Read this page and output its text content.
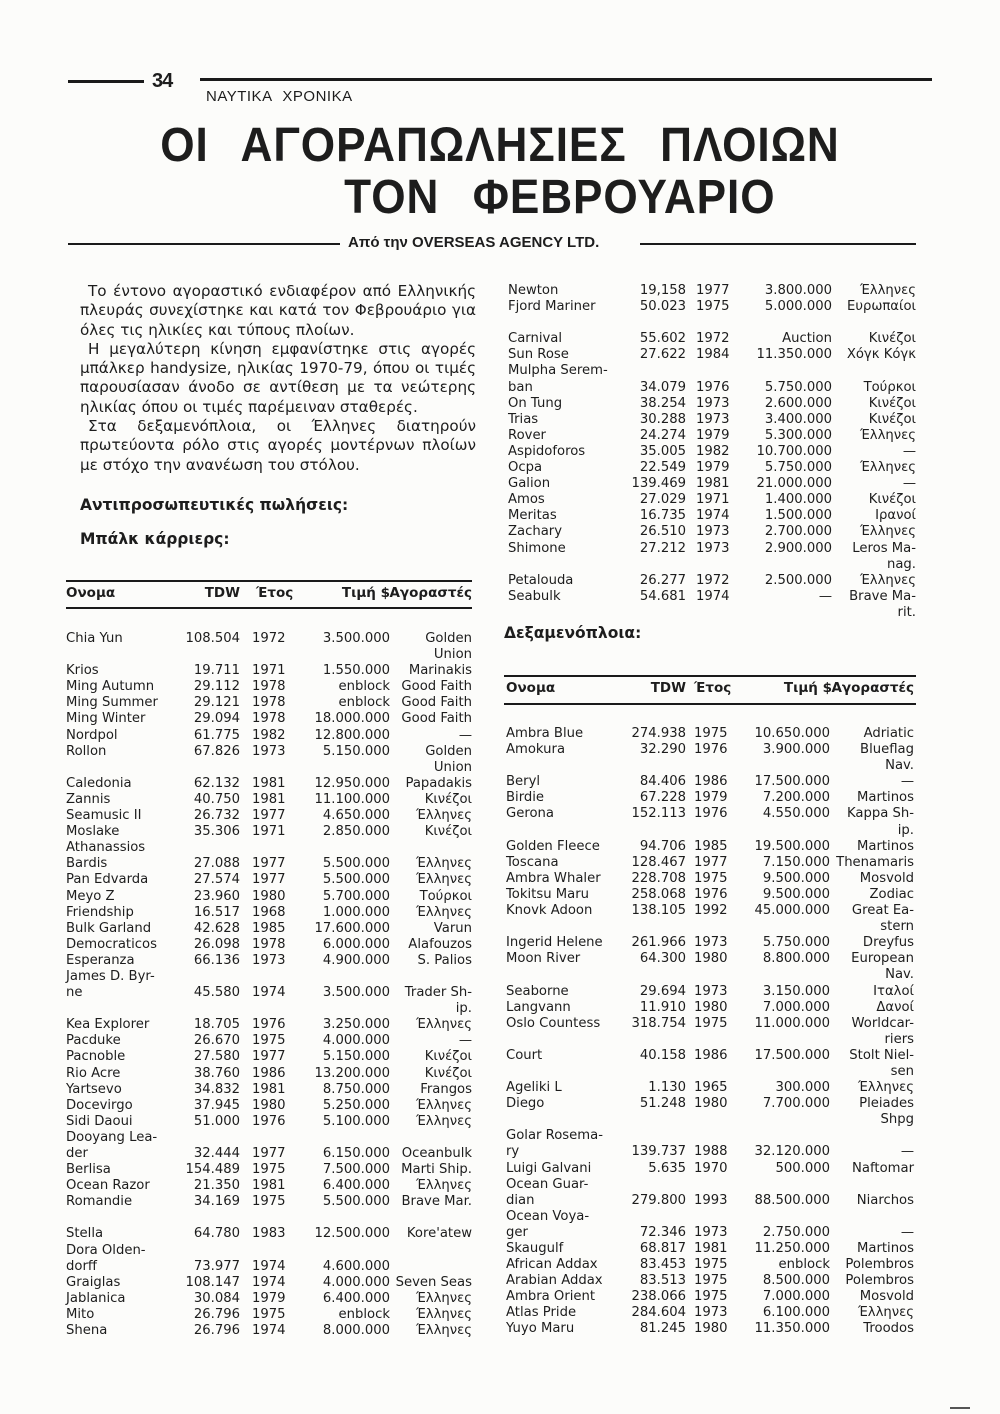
34
ΝΑΥΤΙΚΑ ΧΡΟΝΙΚΑ
ΟΙ ΑΓΟΡΑΠΩΛΗΣΙΕΣ ΠΛΟΙΩΝ
ΤΟΝ ΦΕΒΡΟΥΑΡΙΟ
Από την OVERSEAS AGENCY LTD.

Το έντονο αγοραστικό ενδιαφέρον από Ελληνικής πλευράς συνεχίστηκε και κατά τον Φεβρουάριο για όλες τις ηλικίες και τύπους πλοίων.

Η μεγαλύτερη κίνηση εμφανίστηκε στις αγορές μπάλκερ handysize, ηλικίας 1970-79, όπου οι τιμές παρουσίασαν άνοδο σε αντίθεση με τα νεώτερης ηλικίας όπου οι τιμές παρέμειναν σταθερές.

Στα δεξαμενόπλοια, οι Έλληνες διατηρούν πρωτεύοντα ρόλο στις αγορές μοντέρνων πλοίων με στόχο την ανανέωση του στόλου.

Αντιπροσωπευτικές πωλήσεις:
Μπάλκ κάρριερς:
Ονομα	TDW Έτος	Τιμή $ Αγοραστές
Chia Yun	108.504 1972	3.500.000	Golden
Union
Krios	19.711 1971	1.550.000 Marinakis
Ming Autumn	29.112 1978	enblock Good Faith
Ming Summer	29.121 1978	enblock Good Faith
Ming Winter	29.094 1978 18.000.000 Good Faith
Nordpol	61.775 1982 12.800.000	—
Rollon	67.826 1973	5.150.000	Golden
Union
Caledonia	62.132 1981 12.950.000 Papadakis
Zannis	40.750 1981 11.100.000	Κινέζοι
Seamusic II	26.732 1977	4.650.000 Έλληνες
Moslake	35.306 1971	2.850.000	Κινέζοι
Athanassios
Bardis	27.088 1977	5.500.000 Έλληνες
Pan Edvarda	27.574 1977	5.500.000 Έλληνες
Meyo Z	23.960 1980	5.700.000 Τούρκοι
Friendship	16.517 1968	1.000.000 Έλληνες
Bulk Garland	42.628 1985 17.600.000	Varun
Democraticos	26.098 1978	6.000.000 Alafouzos
Esperanza	66.136 1973	4.900.000 S. Palios
James D. Byr-
ne	45.580 1974	3.500.000 Trader Sh-
ip.
Kea Explorer	18.705 1976	3.250.000 Έλληνες
Pacduke	26.670 1975	4.000.000	—
Pacnoble	27.580 1977	5.150.000	Κινέζοι
Rio Acre	38.760 1986 13.200.000	Κινέζοι
Yartsevo	34.832 1981	8.750.000 Frangos
Docevirgo	37.945 1980	5.250.000 Έλληνες
Sidi Daoui	51.000 1976	5.100.000 Έλληνες
Dooyang Lea-
der	32.444 1977	6.150.000 Oceanbulk
Berlisa	154.489 1975	7.500.000 Marti Ship.
Ocean Razor	21.350 1981	6.400.000 Έλληνες
Romandie	34.169 1975	5.500.000 Brave Mar.
Stella	64.780 1983 12.500.000 Kore'atew
Dora Olden-
dorff	73.977 1974	4.600.000
Graiglas	108.147 1974	4.000.000 Seven Seas
Jablanica	30.084 1979	6.400.000 Έλληνες
Mito	26.796 1975	enblock Έλληνες
Shena	26.796 1974	8.000.000 Έλληνες
Newton	19,158 1977	3.800.000 Έλληνες
Fjord Mariner	50.023 1975	5.000.000 Ευρωπαίοι
Carnival	55.602 1972	Auction	Κινέζοι
Sun Rose	27.622 1984 11.350.000 Χόγκ Κόγκ
Mulpha Serem-
ban	34.079 1976	5.750.000 Τούρκοι
On Tung	38.254 1973	2.600.000	Κινέζοι
Trias	30.288 1973	3.400.000	Κινέζοι
Rover	24.274 1979	5.300.000 Έλληνες
Aspidoforos	35.005 1982 10.700.000	—
Ocpa	22.549 1979	5.750.000 Έλληνες
Galion	139.469 1981 21.000.000	—
Amos	27.029 1971	1.400.000	Κινέζοι
Meritas	16.735 1974	1.500.000	Ιρανοί
Zachary	26.510 1973	2.700.000 Έλληνες
Shimone	27.212 1973	2.900.000 Leros Ma-
nag.
Petalouda	26.277 1972	2.500.000 Έλληνες
Seabulk	54.681 1974	— Brave Ma-
rit.
Δεξαμενόπλοια:
Ονομα	TDW Έτος	Τιμή $ Αγοραστές
Ambra Blue	274.938 1975 10.650.000	Adriatic
Amokura	32.290 1976	3.900.000 Blueflag
Nav.
Beryl	84.406 1986 17.500.000	—
Birdie	67.228 1979	7.200.000 Martinos
Gerona	152.113 1976	4.550.000 Kappa Sh-
ip.
Golden Fleece	94.706 1985 19.500.000 Martinos
Toscana	128.467 1977	7.150.000 Thenamaris
Ambra Whaler 228.708 1975	9.500.000 Mosvold
Tokitsu Maru	258.068 1976	9.500.000	Zodiac
Knovk Adoon	138.105 1992 45.000.000 Great Ea-
stern
Ingerid Helene 261.966 1973	5.750.000 Dreyfus
Moon River	64.300 1980	8.800.000 European
Nav.
Seaborne	29.694 1973	3.150.000	Ιταλοί
Langvann	11.910 1980	7.000.000	Δανοί
Oslo Countess 318.754 1975 11.000.000 Worldcar-
riers
Court	40.158 1986 17.500.000 Stolt Niel-
sen
Ageliki L	1.130 1965	300.000 Έλληνες
Diego	51.248 1980	7.700.000 Pleiades
Shpg
Golar Rosema-
ry	139.737 1988 32.120.000	—
Luigi Galvani	5.635 1970	500.000 Naftomar
Ocean Guar-
dian	279.800 1993 88.500.000 Niarchos
Ocean Voya-
ger	72.346 1973	2.750.000	—
Skaugulf	68.817 1981 11.250.000 Martinos
African Addax	83.453 1975	enblock Polembros
Arabian Addax	83.513 1975	8.500.000 Polembros
Ambra Orient	238.066 1975	7.000.000 Mosvold
Atlas Pride	284.604 1973	6.100.000 Έλληνες
Yuyo Maru	81.245 1980 11.350.000	Troodos
